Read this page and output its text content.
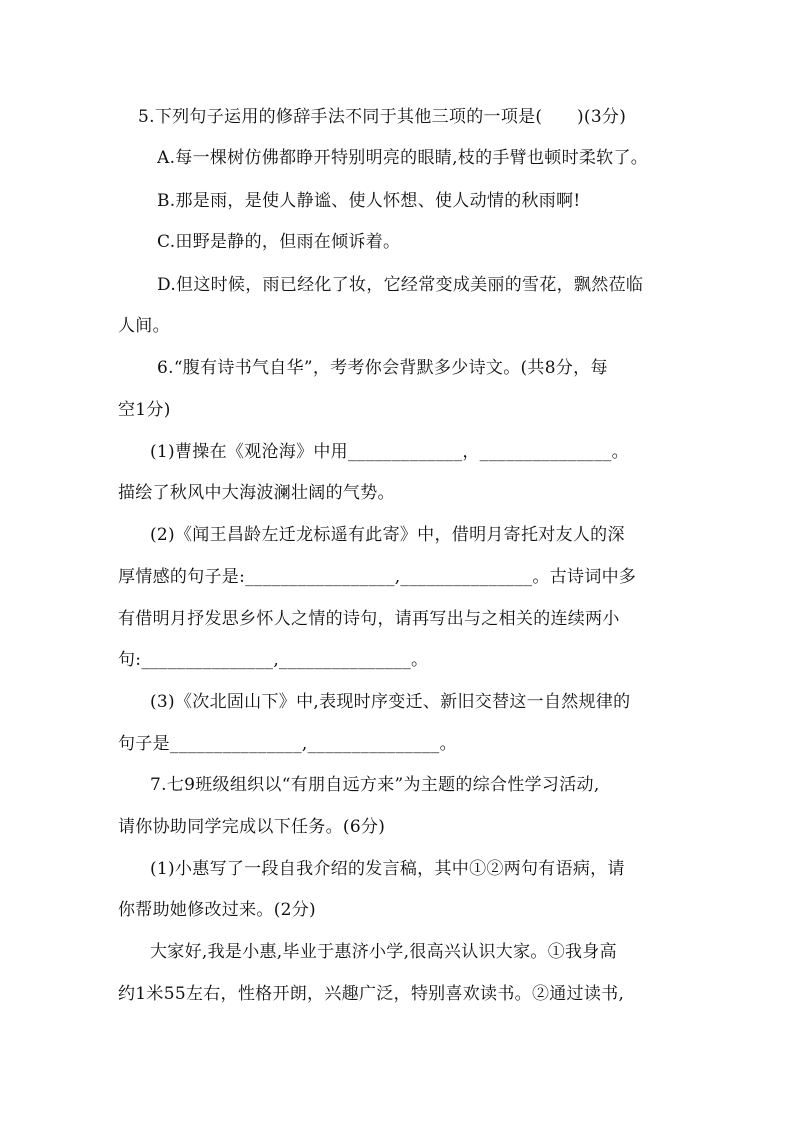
5.下列句子运用的修辞手法不同于其他三项的一项是(　　)(3分)
A.每一棵树仿佛都睁开特别明亮的眼睛,枝的手臂也顿时柔软了。
B.那是雨，是使人静谧、使人怀想、使人动情的秋雨啊!
C.田野是静的，但雨在倾诉着。
D.但这时候，雨已经化了妆，它经常变成美丽的雪花，飘然莅临
人间。
6.“腹有诗书气自华”，考考你会背默多少诗文。(共8分，每
空1分)
(1)曹操在《观沧海》中用_____________，_______________。
描绘了秋风中大海波澜壮阔的气势。
(2)《闻王昌龄左迁龙标遥有此寄》中，借明月寄托对友人的深
厚情感的句子是:_________________,_______________。古诗词中多
有借明月抒发思乡怀人之情的诗句，请再写出与之相关的连续两小
句:_______________,_______________。
(3)《次北固山下》中,表现时序变迁、新旧交替这一自然规律的
句子是_______________,_______________。
7.七9班级组织以“有朋自远方来”为主题的综合性学习活动,
请你协助同学完成以下任务。(6分)
(1)小惠写了一段自我介绍的发言稿，其中①②两句有语病，请
你帮助她修改过来。(2分)
大家好,我是小惠,毕业于惠济小学,很高兴认识大家。①我身高
约1米55左右，性格开朗，兴趣广泛，特别喜欢读书。②通过读书,
